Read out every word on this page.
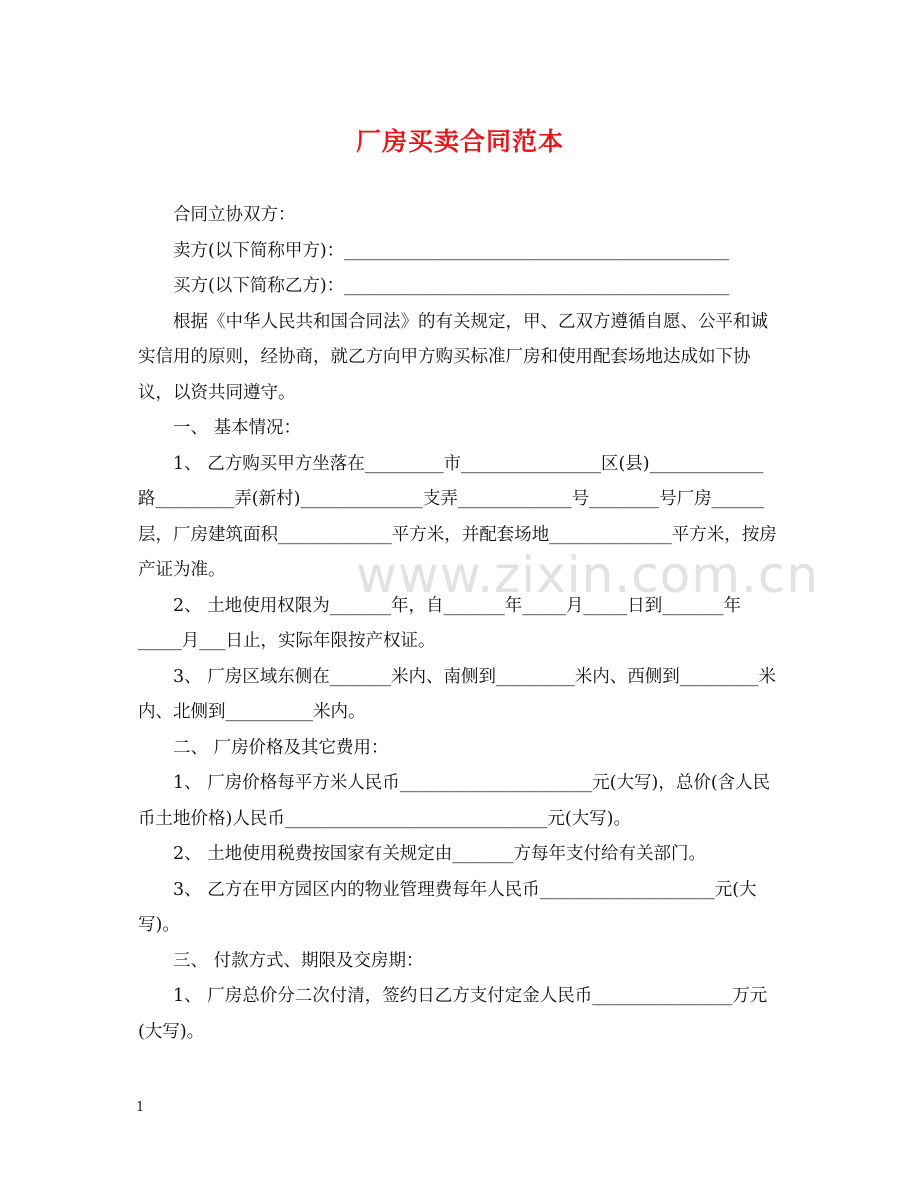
www.zixin.com.cn
厂房买卖合同范本

合同立协双方：

卖方(以下简称甲方)：____________________________________________

买方(以下简称乙方)：____________________________________________

根据《中华人民共和国合同法》的有关规定，甲、乙双方遵循自愿、公平和诚实信用的原则，经协商，就乙方向甲方购买标准厂房和使用配套场地达成如下协议，以资共同遵守。

一、 基本情况：

1、 乙方购买甲方坐落在_________市________________区(县)_____________路_________弄(新村)______________支弄_____________号________号厂房______层，厂房建筑面积_____________平方米，并配套场地______________平方米，按房产证为准。

2、 土地使用权限为_______年，自_______年_____月_____日到_______年_____月___日止，实际年限按产权证。

3、 厂房区域东侧在_______米内、南侧到_________米内、西侧到_________米内、北侧到__________米内。

二、 厂房价格及其它费用：

1、 厂房价格每平方米人民币______________________元(大写)，总价(含人民币土地价格)人民币______________________________元(大写)。

2、 土地使用税费按国家有关规定由_______方每年支付给有关部门。

3、 乙方在甲方园区内的物业管理费每年人民币____________________元(大写)。

三、 付款方式、期限及交房期：

1、 厂房总价分二次付清，签约日乙方支付定金人民币________________万元(大写)。

1
